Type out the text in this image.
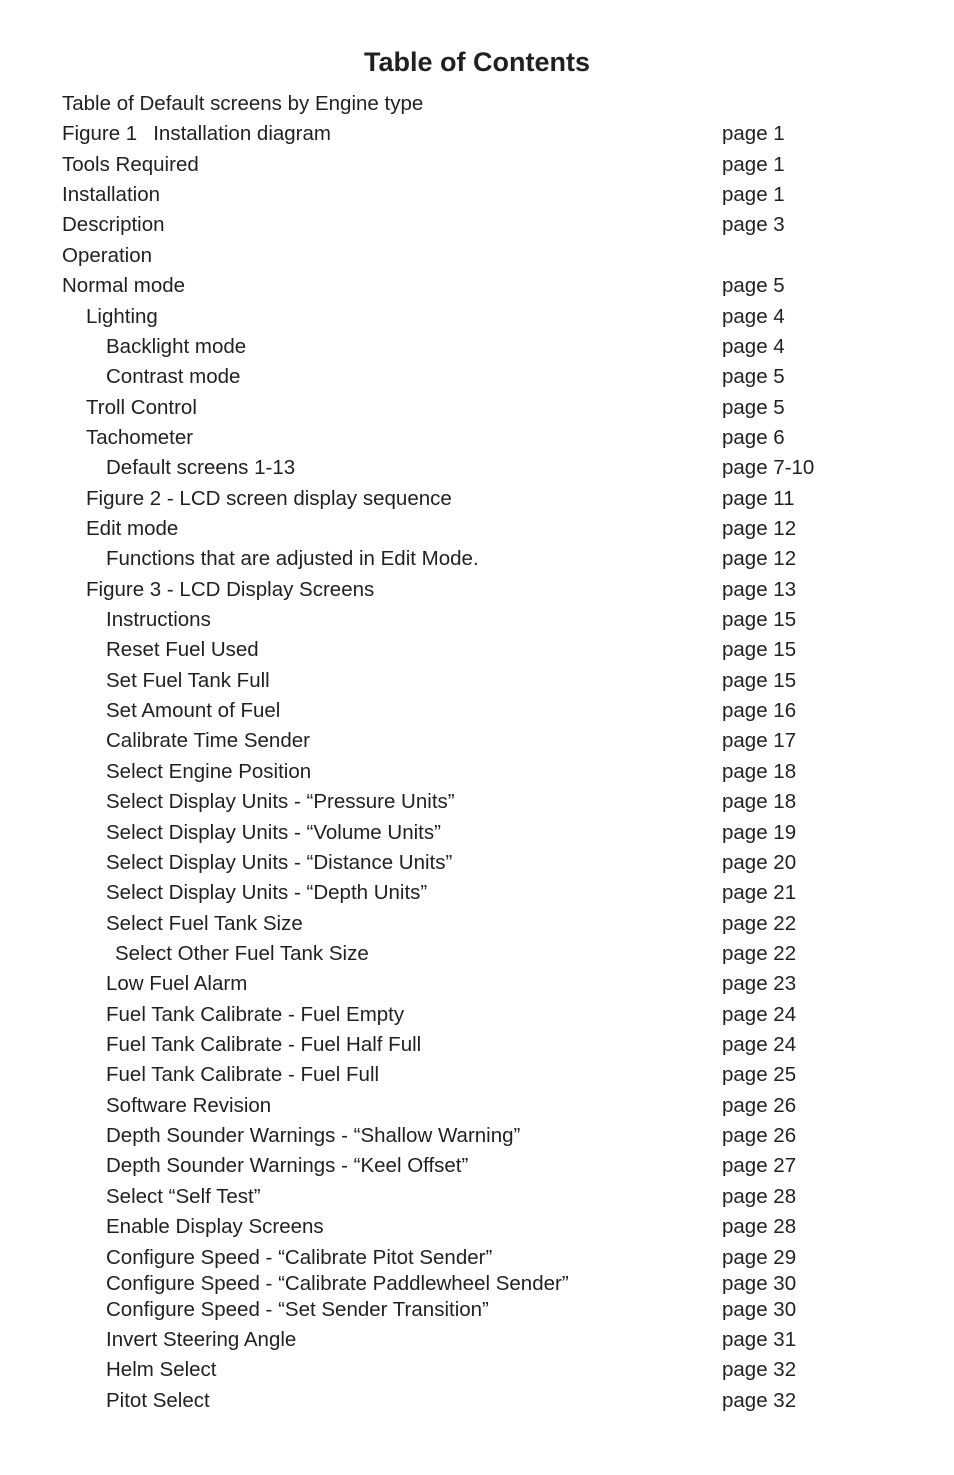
Table of Contents
Table of Default screens by Engine type
Figure 1 Installation diagram	page 1
Tools Required	page 1
Installation	page 1
Description	page 3
Operation
Normal mode	page 5
Lighting	page 4
Backlight mode	page 4
Contrast mode	page 5
Troll Control	page 5
Tachometer	page 6
Default screens 1-13	page 7-10
Figure 2 - LCD screen display sequence	page 11
Edit mode	page 12
Functions that are adjusted in Edit Mode.	page 12
Figure 3 - LCD Display Screens	page 13
Instructions	page 15
Reset Fuel Used	page 15
Set Fuel Tank Full	page 15
Set Amount of Fuel	page 16
Calibrate Time Sender	page 17
Select Engine Position	page 18
Select Display Units - “Pressure Units”	page 18
Select Display Units - “Volume Units”	page 19
Select Display Units - “Distance Units”	page 20
Select Display Units - “Depth Units”	page 21
Select Fuel Tank Size	page 22
Select Other Fuel Tank Size	page 22
Low Fuel Alarm	page 23
Fuel Tank Calibrate - Fuel Empty	page 24
Fuel Tank Calibrate - Fuel Half Full	page 24
Fuel Tank Calibrate - Fuel Full	page 25
Software Revision	page 26
Depth Sounder Warnings - “Shallow Warning”	page 26
Depth Sounder Warnings - “Keel Offset”	page 27
Select “Self Test”	page 28
Enable Display Screens	page 28
Configure Speed - “Calibrate Pitot Sender”	page 29
Configure Speed - “Calibrate Paddlewheel Sender”	page 30
Configure Speed - “Set Sender Transition”	page 30
Invert Steering Angle	page 31
Helm Select	page 32
Pitot Select	page 32
